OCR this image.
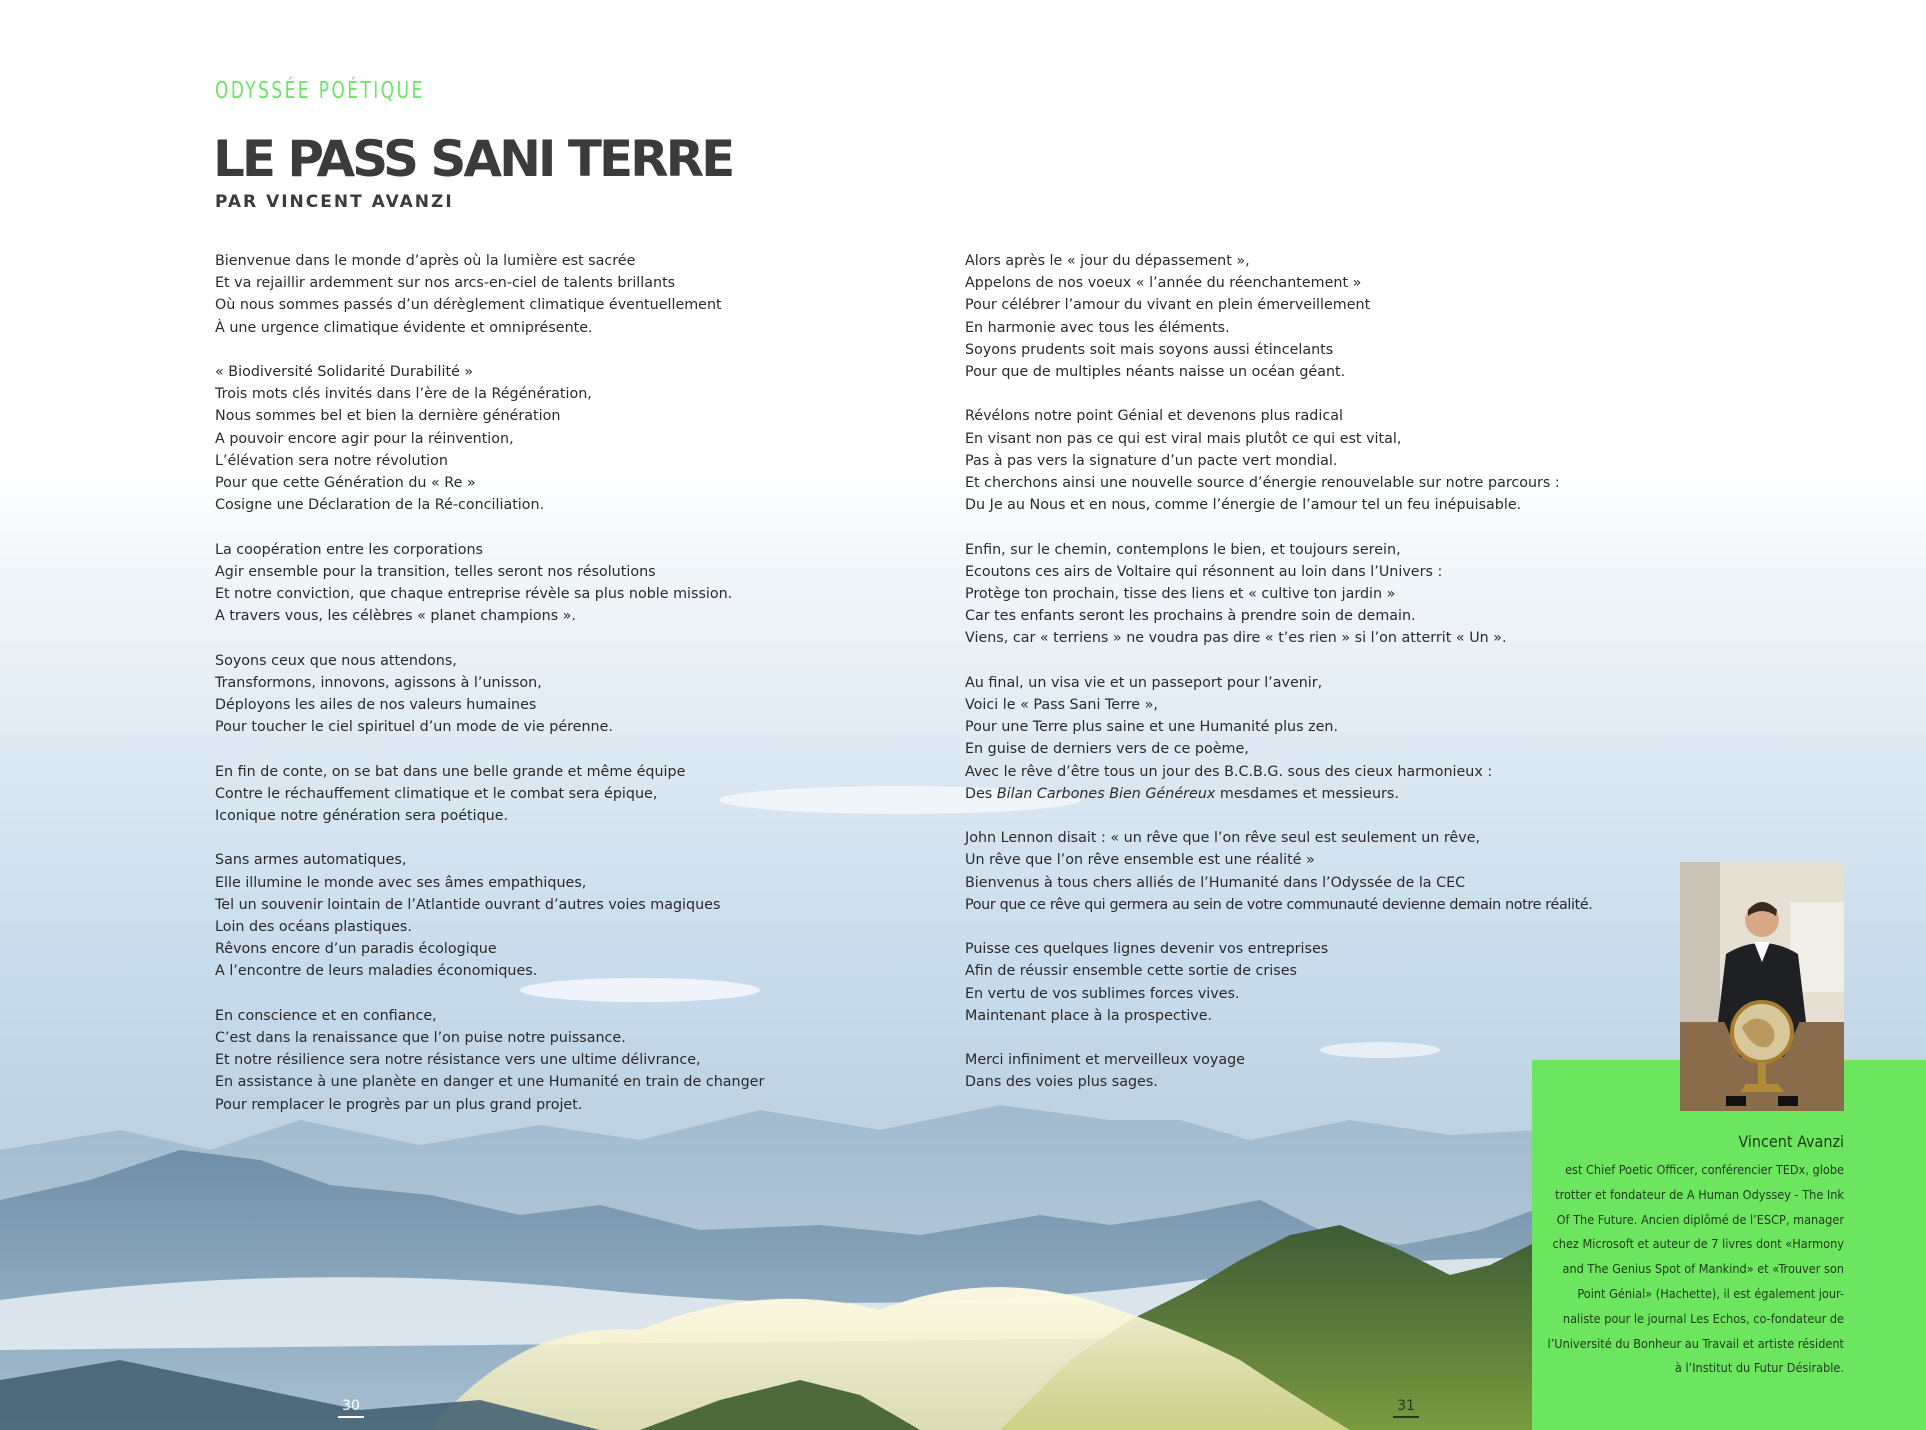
ODYSSÉE POÉTIQUE
LE PASS SANI TERRE
PAR VINCENT AVANZI
Bienvenue dans le monde d’après où la lumière est sacrée
Et va rejaillir ardemment sur nos arcs-en-ciel de talents brillants
Où nous sommes passés d’un dérèglement climatique éventuellement
À une urgence climatique évidente et omniprésente.
« Biodiversité Solidarité Durabilité »
Trois mots clés invités dans l’ère de la Régénération,
Nous sommes bel et bien la dernière génération
A pouvoir encore agir pour la réinvention,
L’élévation sera notre révolution
Pour que cette Génération du « Re »
Cosigne une Déclaration de la Ré-conciliation.
La coopération entre les corporations
Agir ensemble pour la transition, telles seront nos résolutions
Et notre conviction, que chaque entreprise révèle sa plus noble mission.
A travers vous, les célèbres « planet champions ».
Soyons ceux que nous attendons,
Transformons, innovons, agissons à l’unisson,
Déployons les ailes de nos valeurs humaines
Pour toucher le ciel spirituel d’un mode de vie pérenne.
En fin de conte, on se bat dans une belle grande et même équipe
Contre le réchauffement climatique et le combat sera épique,
Iconique notre génération sera poétique.
Sans armes automatiques,
Elle illumine le monde avec ses âmes empathiques,
Tel un souvenir lointain de l’Atlantide ouvrant d’autres voies magiques
Loin des océans plastiques.
Rêvons encore d’un paradis écologique
A l’encontre de leurs maladies économiques.
En conscience et en confiance,
C’est dans la renaissance que l’on puise notre puissance.
Et notre résilience sera notre résistance vers une ultime délivrance,
En assistance à une planète en danger et une Humanité en train de changer
Pour remplacer le progrès par un plus grand projet.
Alors après le « jour du dépassement »,
Appelons de nos voeux « l’année du réenchantement »
Pour célébrer l’amour du vivant en plein émerveillement
En harmonie avec tous les éléments.
Soyons prudents soit mais soyons aussi étincelants
Pour que de multiples néants naisse un océan géant.
Révélons notre point Génial et devenons plus radical
En visant non pas ce qui est viral mais plutôt ce qui est vital,
Pas à pas vers la signature d’un pacte vert mondial.
Et cherchons ainsi une nouvelle source d’énergie renouvelable sur notre parcours :
Du Je au Nous et en nous, comme l’énergie de l’amour tel un feu inépuisable.
Enfin, sur le chemin, contemplons le bien, et toujours serein,
Ecoutons ces airs de Voltaire qui résonnent au loin dans l’Univers :
Protège ton prochain, tisse des liens et « cultive ton jardin »
Car tes enfants seront les prochains à prendre soin de demain.
Viens, car « terriens » ne voudra pas dire « t’es rien » si l’on atterrit « Un ».
Au final, un visa vie et un passeport pour l’avenir,
Voici le « Pass Sani Terre »,
Pour une Terre plus saine et une Humanité plus zen.
En guise de derniers vers de ce poème,
Avec le rêve d’être tous un jour des B.C.B.G. sous des cieux harmonieux :
Des Bilan Carbones Bien Généreux mesdames et messieurs.
John Lennon disait : « un rêve que l’on rêve seul est seulement un rêve,
Un rêve que l’on rêve ensemble est une réalité »
Bienvenus à tous chers alliés de l’Humanité dans l’Odyssée de la CEC
Pour que ce rêve qui germera au sein de votre communauté devienne demain notre réalité.
Puisse ces quelques lignes devenir vos entreprises
Afin de réussir ensemble cette sortie de crises
En vertu de vos sublimes forces vives.
Maintenant place à la prospective.
Merci infiniment et merveilleux voyage
Dans des voies plus sages.
Vincent Avanzi
est Chief Poetic Officer, conférencier TEDx, globe
trotter et fondateur de A Human Odyssey - The Ink
Of The Future. Ancien diplômé de l’ESCP, manager
chez Microsoft et auteur de 7 livres dont «Harmony
and The Genius Spot of Mankind» et «Trouver son
Point Génial» (Hachette), il est également jour-
naliste pour le journal Les Echos, co-fondateur de
l’Université du Bonheur au Travail et artiste résident
à l’Institut du Futur Désirable.
30	31
